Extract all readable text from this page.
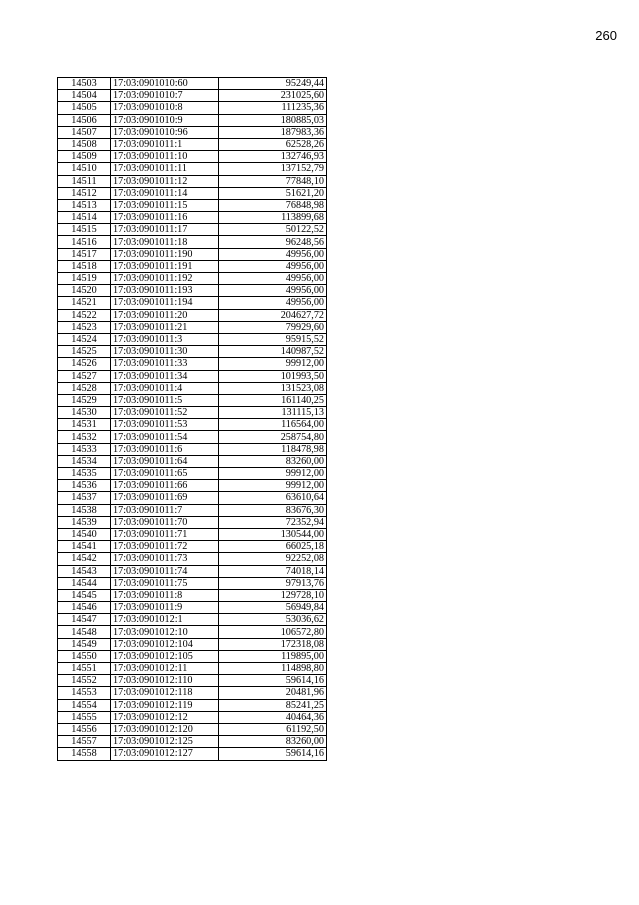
260
14503	17:03:0901010:60	95249,44
14504	17:03:0901010:7	231025,60
14505	17:03:0901010:8	111235,36
14506	17:03:0901010:9	180885,03
14507	17:03:0901010:96	187983,36
14508	17:03:0901011:1	62528,26
14509	17:03:0901011:10	132746,93
14510	17:03:0901011:11	137152,79
14511	17:03:0901011:12	77848,10
14512	17:03:0901011:14	51621,20
14513	17:03:0901011:15	76848,98
14514	17:03:0901011:16	113899,68
14515	17:03:0901011:17	50122,52
14516	17:03:0901011:18	96248,56
14517	17:03:0901011:190	49956,00
14518	17:03:0901011:191	49956,00
14519	17:03:0901011:192	49956,00
14520	17:03:0901011:193	49956,00
14521	17:03:0901011:194	49956,00
14522	17:03:0901011:20	204627,72
14523	17:03:0901011:21	79929,60
14524	17:03:0901011:3	95915,52
14525	17:03:0901011:30	140987,52
14526	17:03:0901011:33	99912,00
14527	17:03:0901011:34	101993,50
14528	17:03:0901011:4	131523,08
14529	17:03:0901011:5	161140,25
14530	17:03:0901011:52	131115,13
14531	17:03:0901011:53	116564,00
14532	17:03:0901011:54	258754,80
14533	17:03:0901011:6	118478,98
14534	17:03:0901011:64	83260,00
14535	17:03:0901011:65	99912,00
14536	17:03:0901011:66	99912,00
14537	17:03:0901011:69	63610,64
14538	17:03:0901011:7	83676,30
14539	17:03:0901011:70	72352,94
14540	17:03:0901011:71	130544,00
14541	17:03:0901011:72	66025,18
14542	17:03:0901011:73	92252,08
14543	17:03:0901011:74	74018,14
14544	17:03:0901011:75	97913,76
14545	17:03:0901011:8	129728,10
14546	17:03:0901011:9	56949,84
14547	17:03:0901012:1	53036,62
14548	17:03:0901012:10	106572,80
14549	17:03:0901012:104	172318,08
14550	17:03:0901012:105	119895,00
14551	17:03:0901012:11	114898,80
14552	17:03:0901012:110	59614,16
14553	17:03:0901012:118	20481,96
14554	17:03:0901012:119	85241,25
14555	17:03:0901012:12	40464,36
14556	17:03:0901012:120	61192,50
14557	17:03:0901012:125	83260,00
14558	17:03:0901012:127	59614,16
